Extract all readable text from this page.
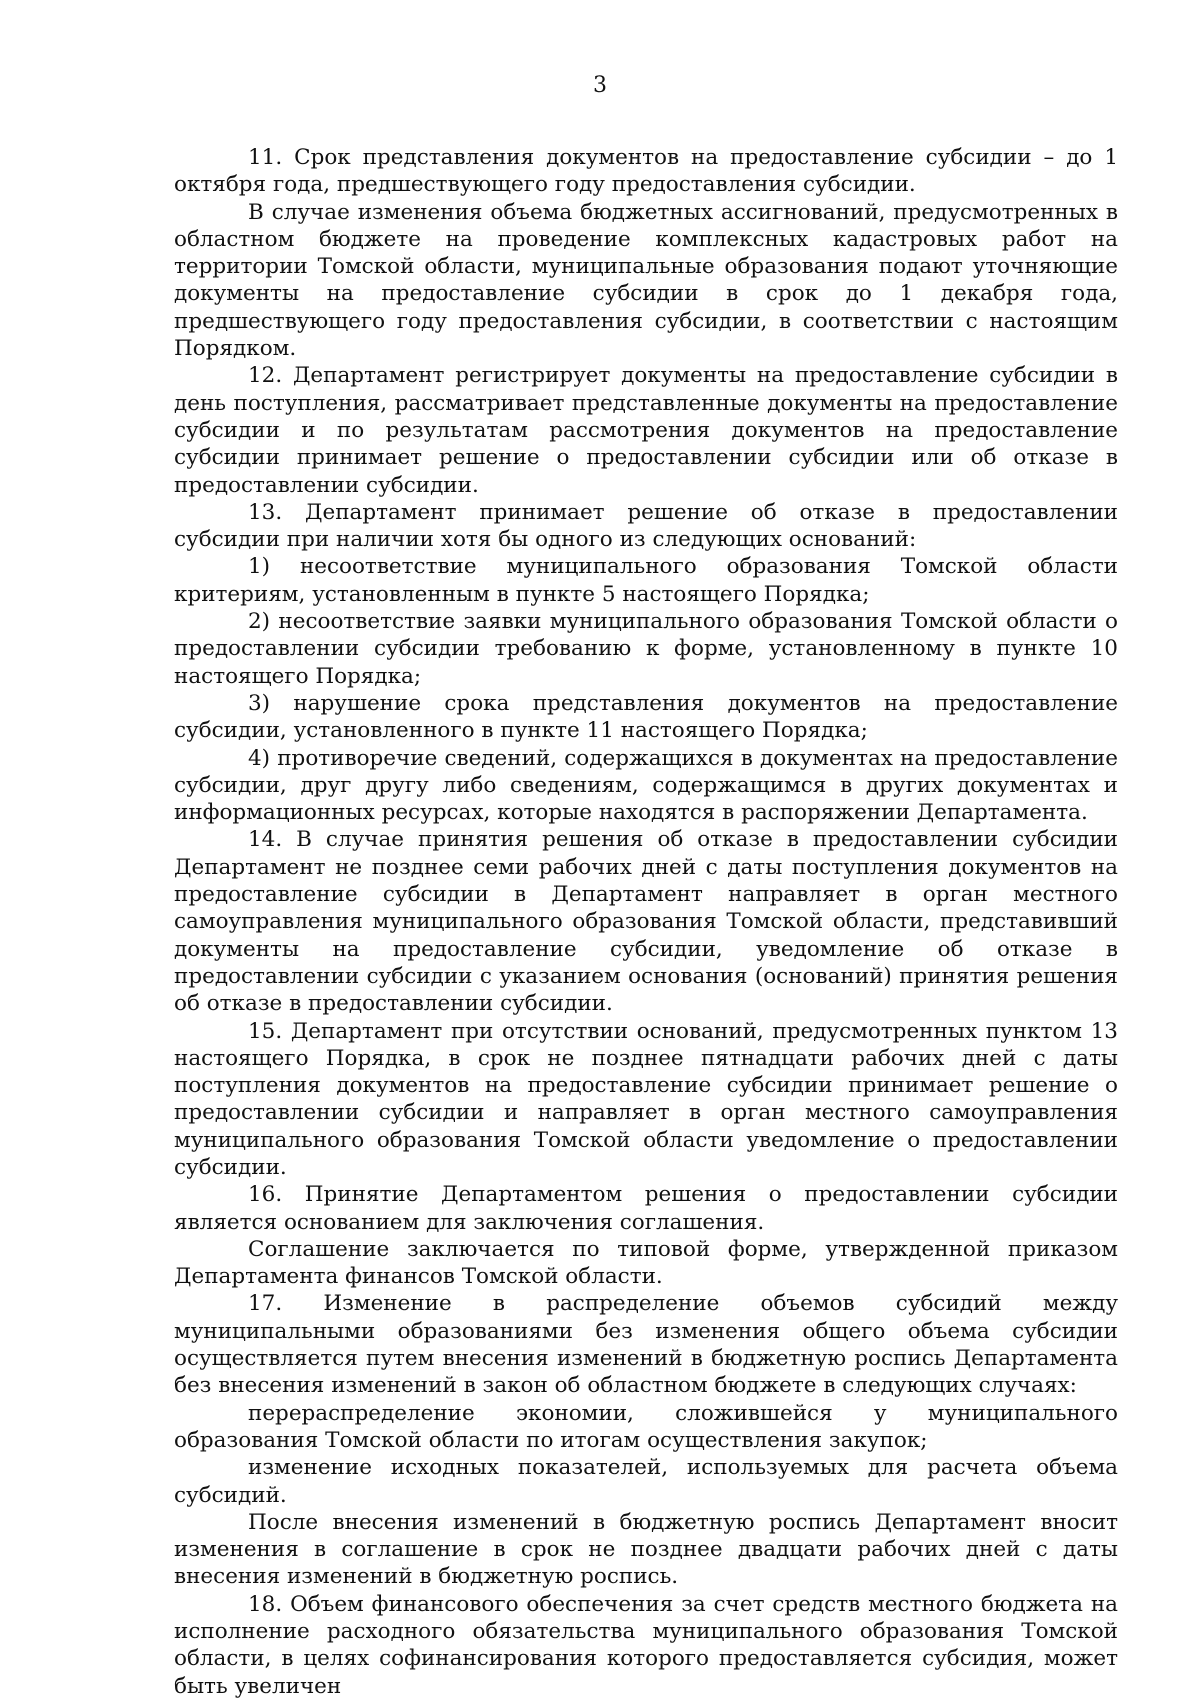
3

11. Срок представления документов на предоставление субсидии – до 1 октября года, предшествующего году предоставления субсидии.

В случае изменения объема бюджетных ассигнований, предусмотренных в областном бюджете на проведение комплексных кадастровых работ на территории Томской области, муниципальные образования подают уточняющие документы на предоставление субсидии в срок до 1 декабря года, предшествующего году предоставления субсидии, в соответствии с настоящим Порядком.

12. Департамент регистрирует документы на предоставление субсидии в день поступления, рассматривает представленные документы на предоставление субсидии и по результатам рассмотрения документов на предоставление субсидии принимает решение о предоставлении субсидии или об отказе в предоставлении субсидии.

13. Департамент принимает решение об отказе в предоставлении субсидии при наличии хотя бы одного из следующих оснований:

1) несоответствие муниципального образования Томской области критериям, установленным в пункте 5 настоящего Порядка;

2) несоответствие заявки муниципального образования Томской области о предоставлении субсидии требованию к форме, установленному в пункте 10 настоящего Порядка;

3) нарушение срока представления документов на предоставление субсидии, установленного в пункте 11 настоящего Порядка;

4) противоречие сведений, содержащихся в документах на предоставление субсидии, друг другу либо сведениям, содержащимся в других документах и информационных ресурсах, которые находятся в распоряжении Департамента.

14. В случае принятия решения об отказе в предоставлении субсидии Департамент не позднее семи рабочих дней с даты поступления документов на предоставление субсидии в Департамент направляет в орган местного самоуправления муниципального образования Томской области, представивший документы на предоставление субсидии, уведомление об отказе в предоставлении субсидии с указанием основания (оснований) принятия решения об отказе в предоставлении субсидии.

15. Департамент при отсутствии оснований, предусмотренных пунктом 13 настоящего Порядка, в срок не позднее пятнадцати рабочих дней с даты поступления документов на предоставление субсидии принимает решение о предоставлении субсидии и направляет в орган местного самоуправления муниципального образования Томской области уведомление о предоставлении субсидии.

16. Принятие Департаментом решения о предоставлении субсидии является основанием для заключения соглашения.

Соглашение заключается по типовой форме, утвержденной приказом Департамента финансов Томской области.

17. Изменение в распределение объемов субсидий между муниципальными образованиями без изменения общего объема субсидии осуществляется путем внесения изменений в бюджетную роспись Департамента без внесения изменений в закон об областном бюджете в следующих случаях:

перераспределение экономии, сложившейся у муниципального образования Томской области по итогам осуществления закупок;

изменение исходных показателей, используемых для расчета объема субсидий.

После внесения изменений в бюджетную роспись Департамент вносит изменения в соглашение в срок не позднее двадцати рабочих дней с даты внесения изменений в бюджетную роспись.

18. Объем финансового обеспечения за счет средств местного бюджета на исполнение расходного обязательства муниципального образования Томской области, в целях софинансирования которого предоставляется субсидия, может быть увеличен
